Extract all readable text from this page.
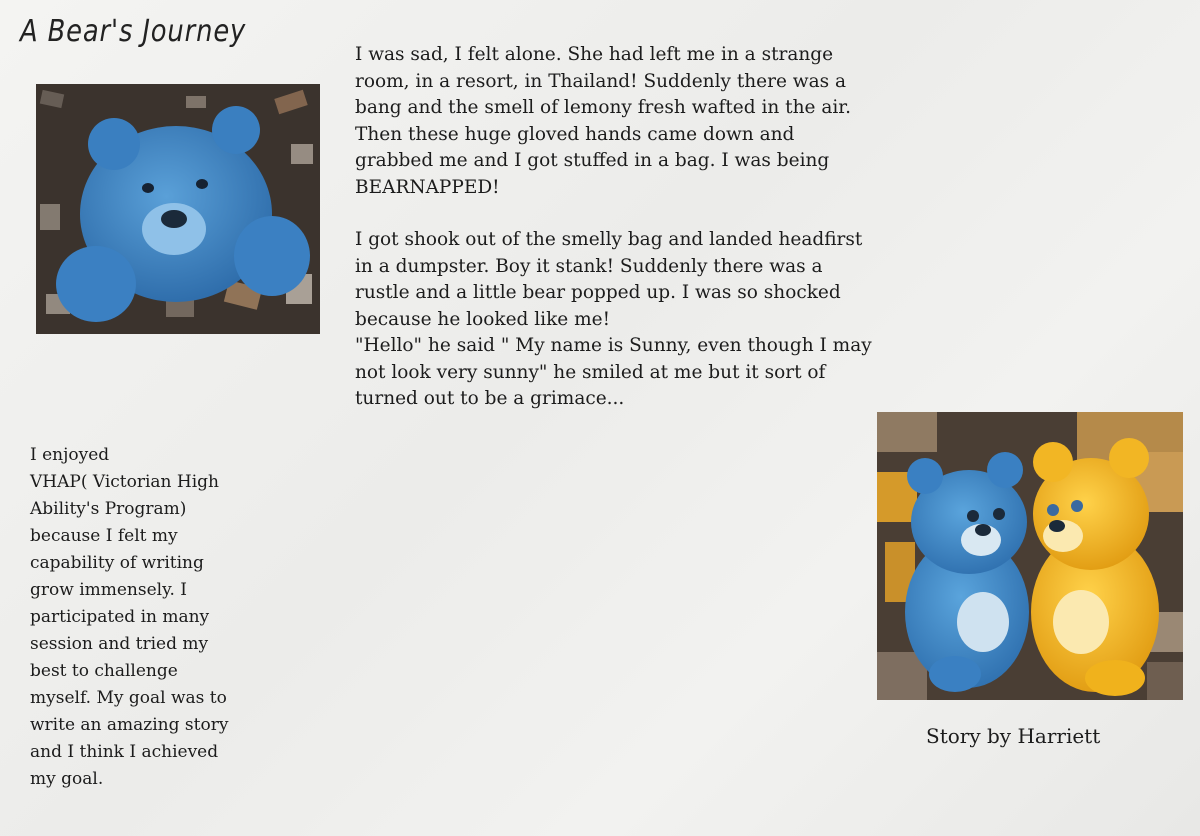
A Bear's Journey

I was sad, I felt alone. She had left me in a strange
room, in a resort, in Thailand! Suddenly there was a
bang and the smell of lemony fresh wafted in the air.
Then these huge gloved hands came down and
grabbed me and I got stuffed in a bag. I was being
BEARNAPPED!

I got shook out of the smelly bag and landed headfirst
in a dumpster. Boy it stank! Suddenly there was a
rustle and a little bear popped up. I was so shocked
because he looked like me!
"Hello" he said " My name is Sunny, even though I may
not look very sunny" he smiled at me but it sort of
turned out to be a grimace...

I enjoyed
VHAP( Victorian High
Ability's Program)
because I felt my
capability of writing
grow immensely. I
participated in many
session and tried my
best to challenge
myself. My goal was to
write an amazing story
and I think I achieved
my goal.
Story by Harriett
